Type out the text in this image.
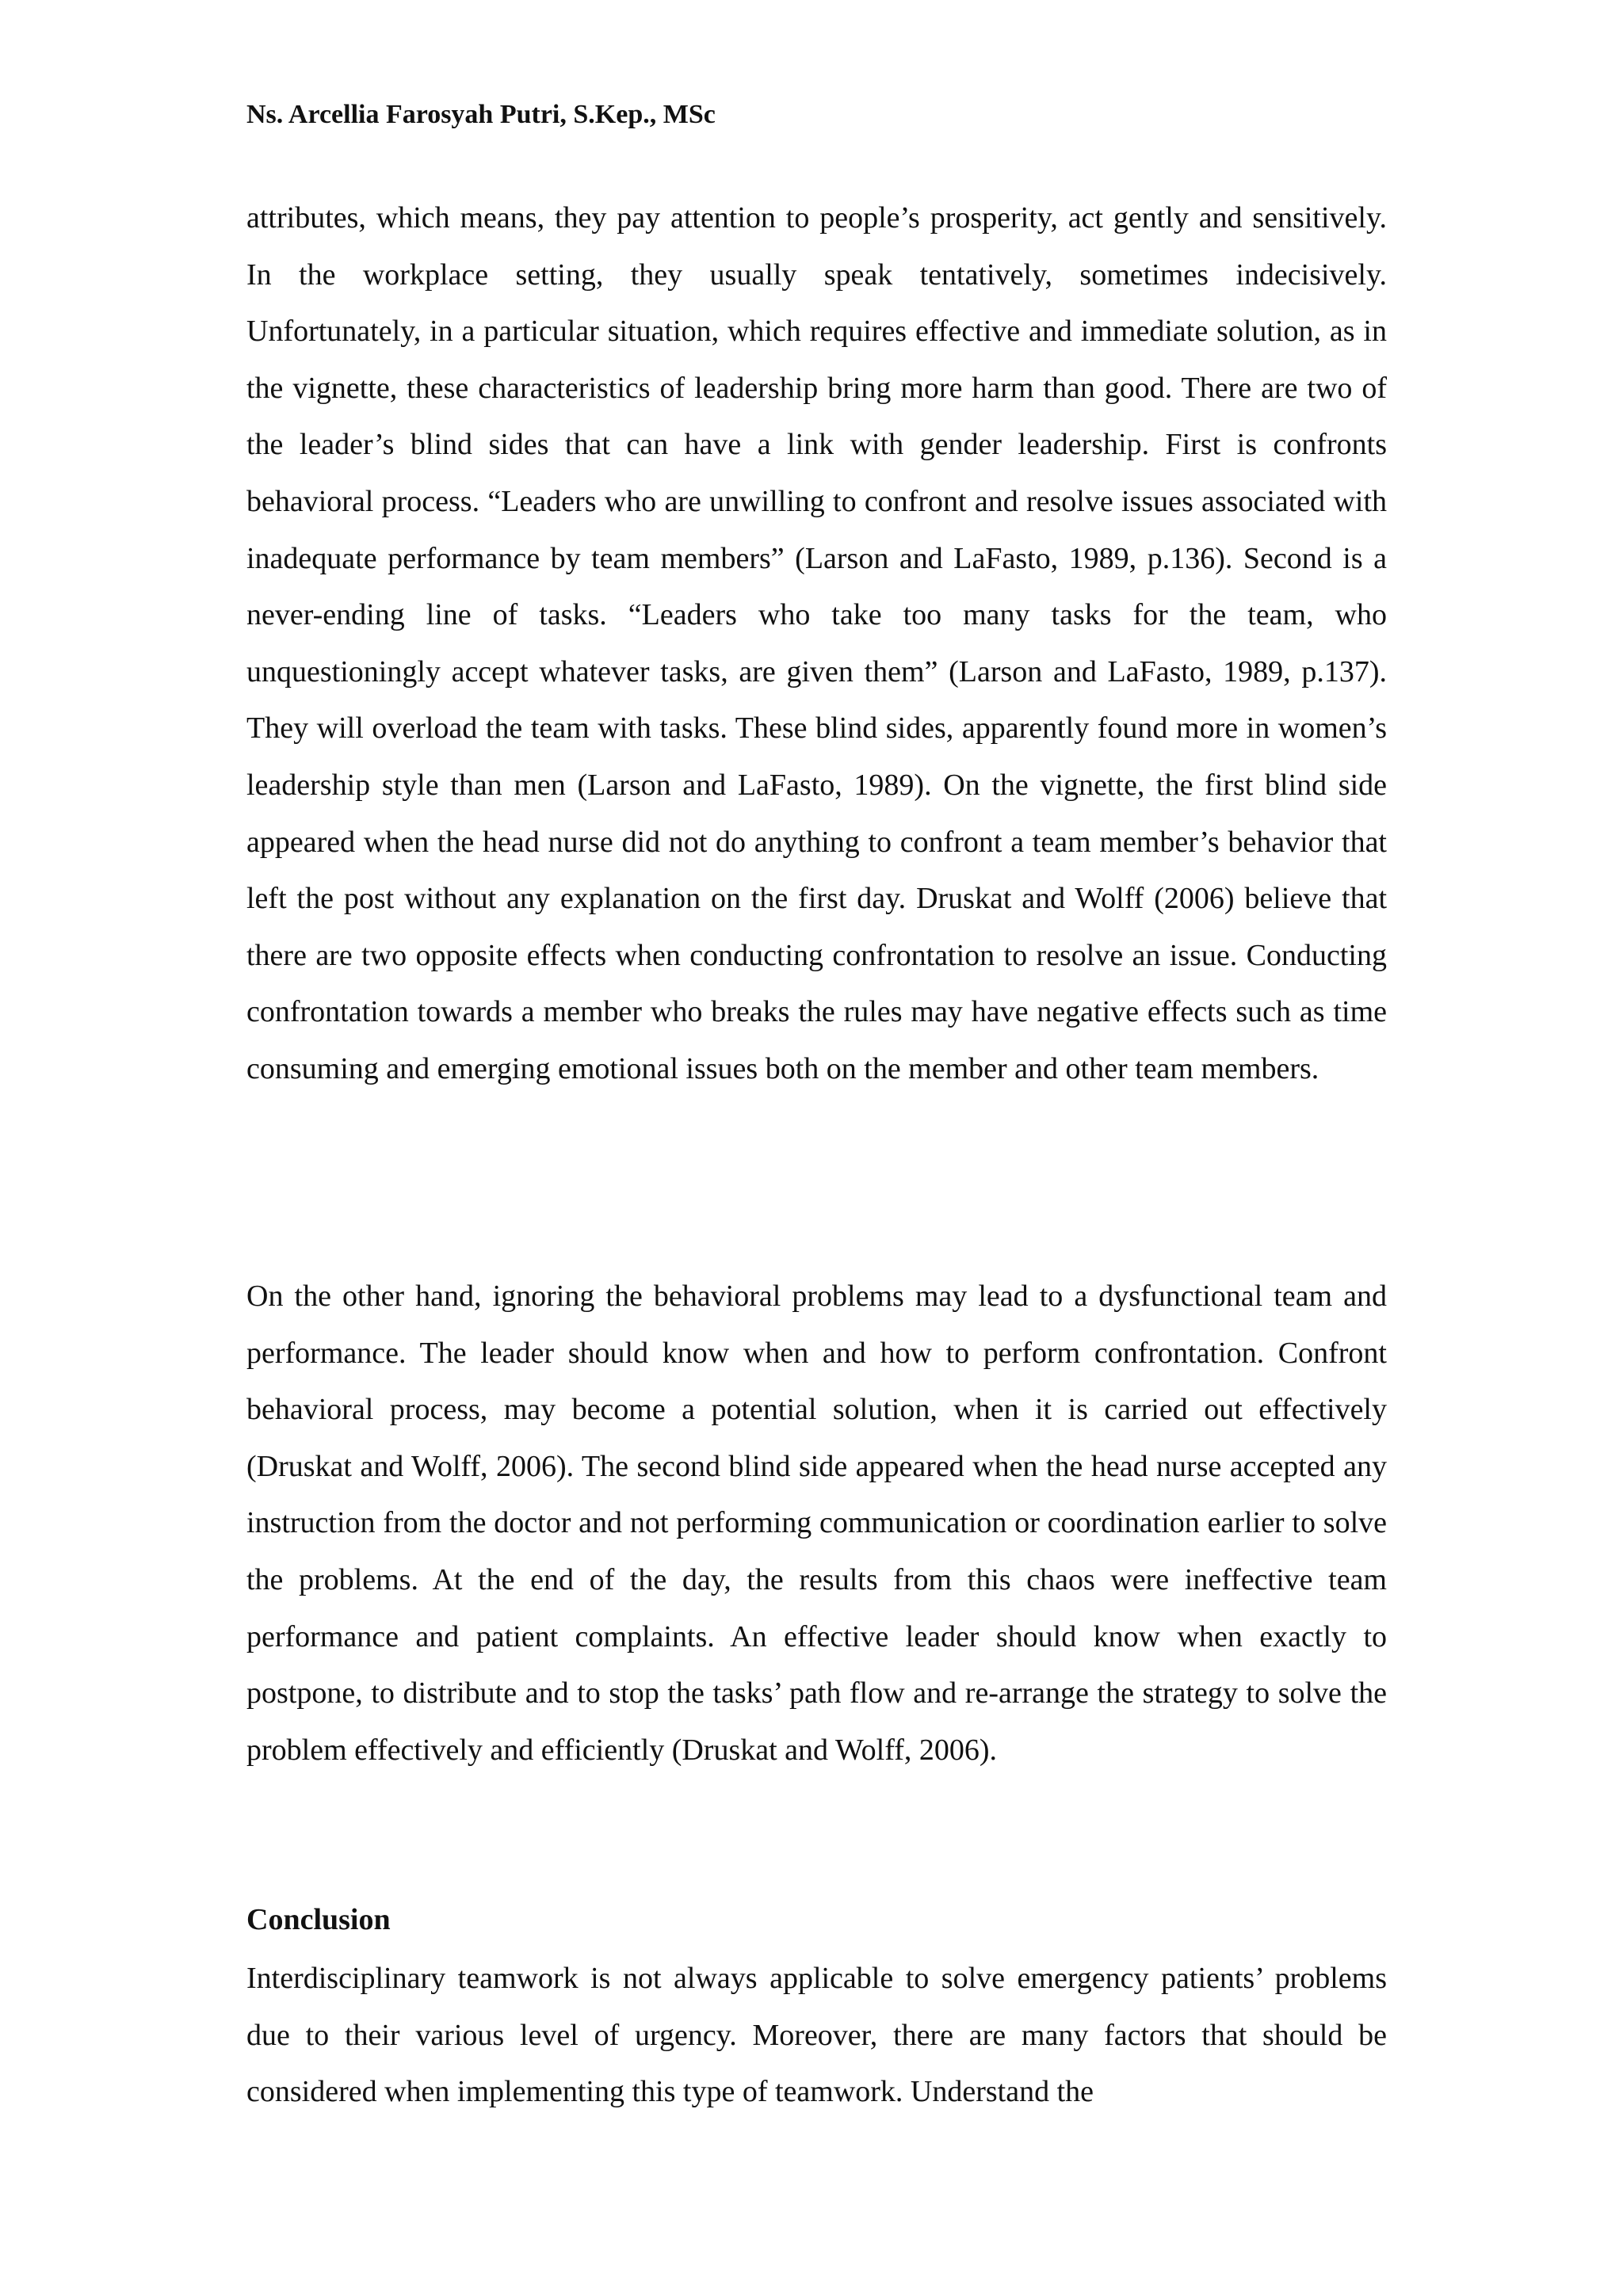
Ns. Arcellia Farosyah Putri, S.Kep., MSc

attributes, which means, they pay attention to people’s prosperity, act gently and sensitively. In the workplace setting, they usually speak tentatively, sometimes indecisively. Unfortunately, in a particular situation, which requires effective and immediate solution, as in the vignette, these characteristics of leadership bring more harm than good. There are two of the leader’s blind sides that can have a link with gender leadership. First is confronts behavioral process. “Leaders who are unwilling to confront and resolve issues associated with inadequate performance by team members” (Larson and LaFasto, 1989, p.136). Second is a never-ending line of tasks. “Leaders who take too many tasks for the team, who unquestioningly accept whatever tasks, are given them” (Larson and LaFasto, 1989, p.137). They will overload the team with tasks. These blind sides, apparently found more in women’s leadership style than men (Larson and LaFasto, 1989). On the vignette, the first blind side appeared when the head nurse did not do anything to confront a team member’s behavior that left the post without any explanation on the first day. Druskat and Wolff (2006) believe that there are two opposite effects when conducting confrontation to resolve an issue. Conducting confrontation towards a member who breaks the rules may have negative effects such as time consuming and emerging emotional issues both on the member and other team members.

On the other hand, ignoring the behavioral problems may lead to a dysfunctional team and performance. The leader should know when and how to perform confrontation. Confront behavioral process, may become a potential solution, when it is carried out effectively (Druskat and Wolff, 2006). The second blind side appeared when the head nurse accepted any instruction from the doctor and not performing communication or coordination earlier to solve the problems. At the end of the day, the results from this chaos were ineffective team performance and patient complaints. An effective leader should know when exactly to postpone, to distribute and to stop the tasks’ path flow and re-arrange the strategy to solve the problem effectively and efficiently (Druskat and Wolff, 2006).

Conclusion

Interdisciplinary teamwork is not always applicable to solve emergency patients’ problems due to their various level of urgency. Moreover, there are many factors that should be considered when implementing this type of teamwork. Understand the
